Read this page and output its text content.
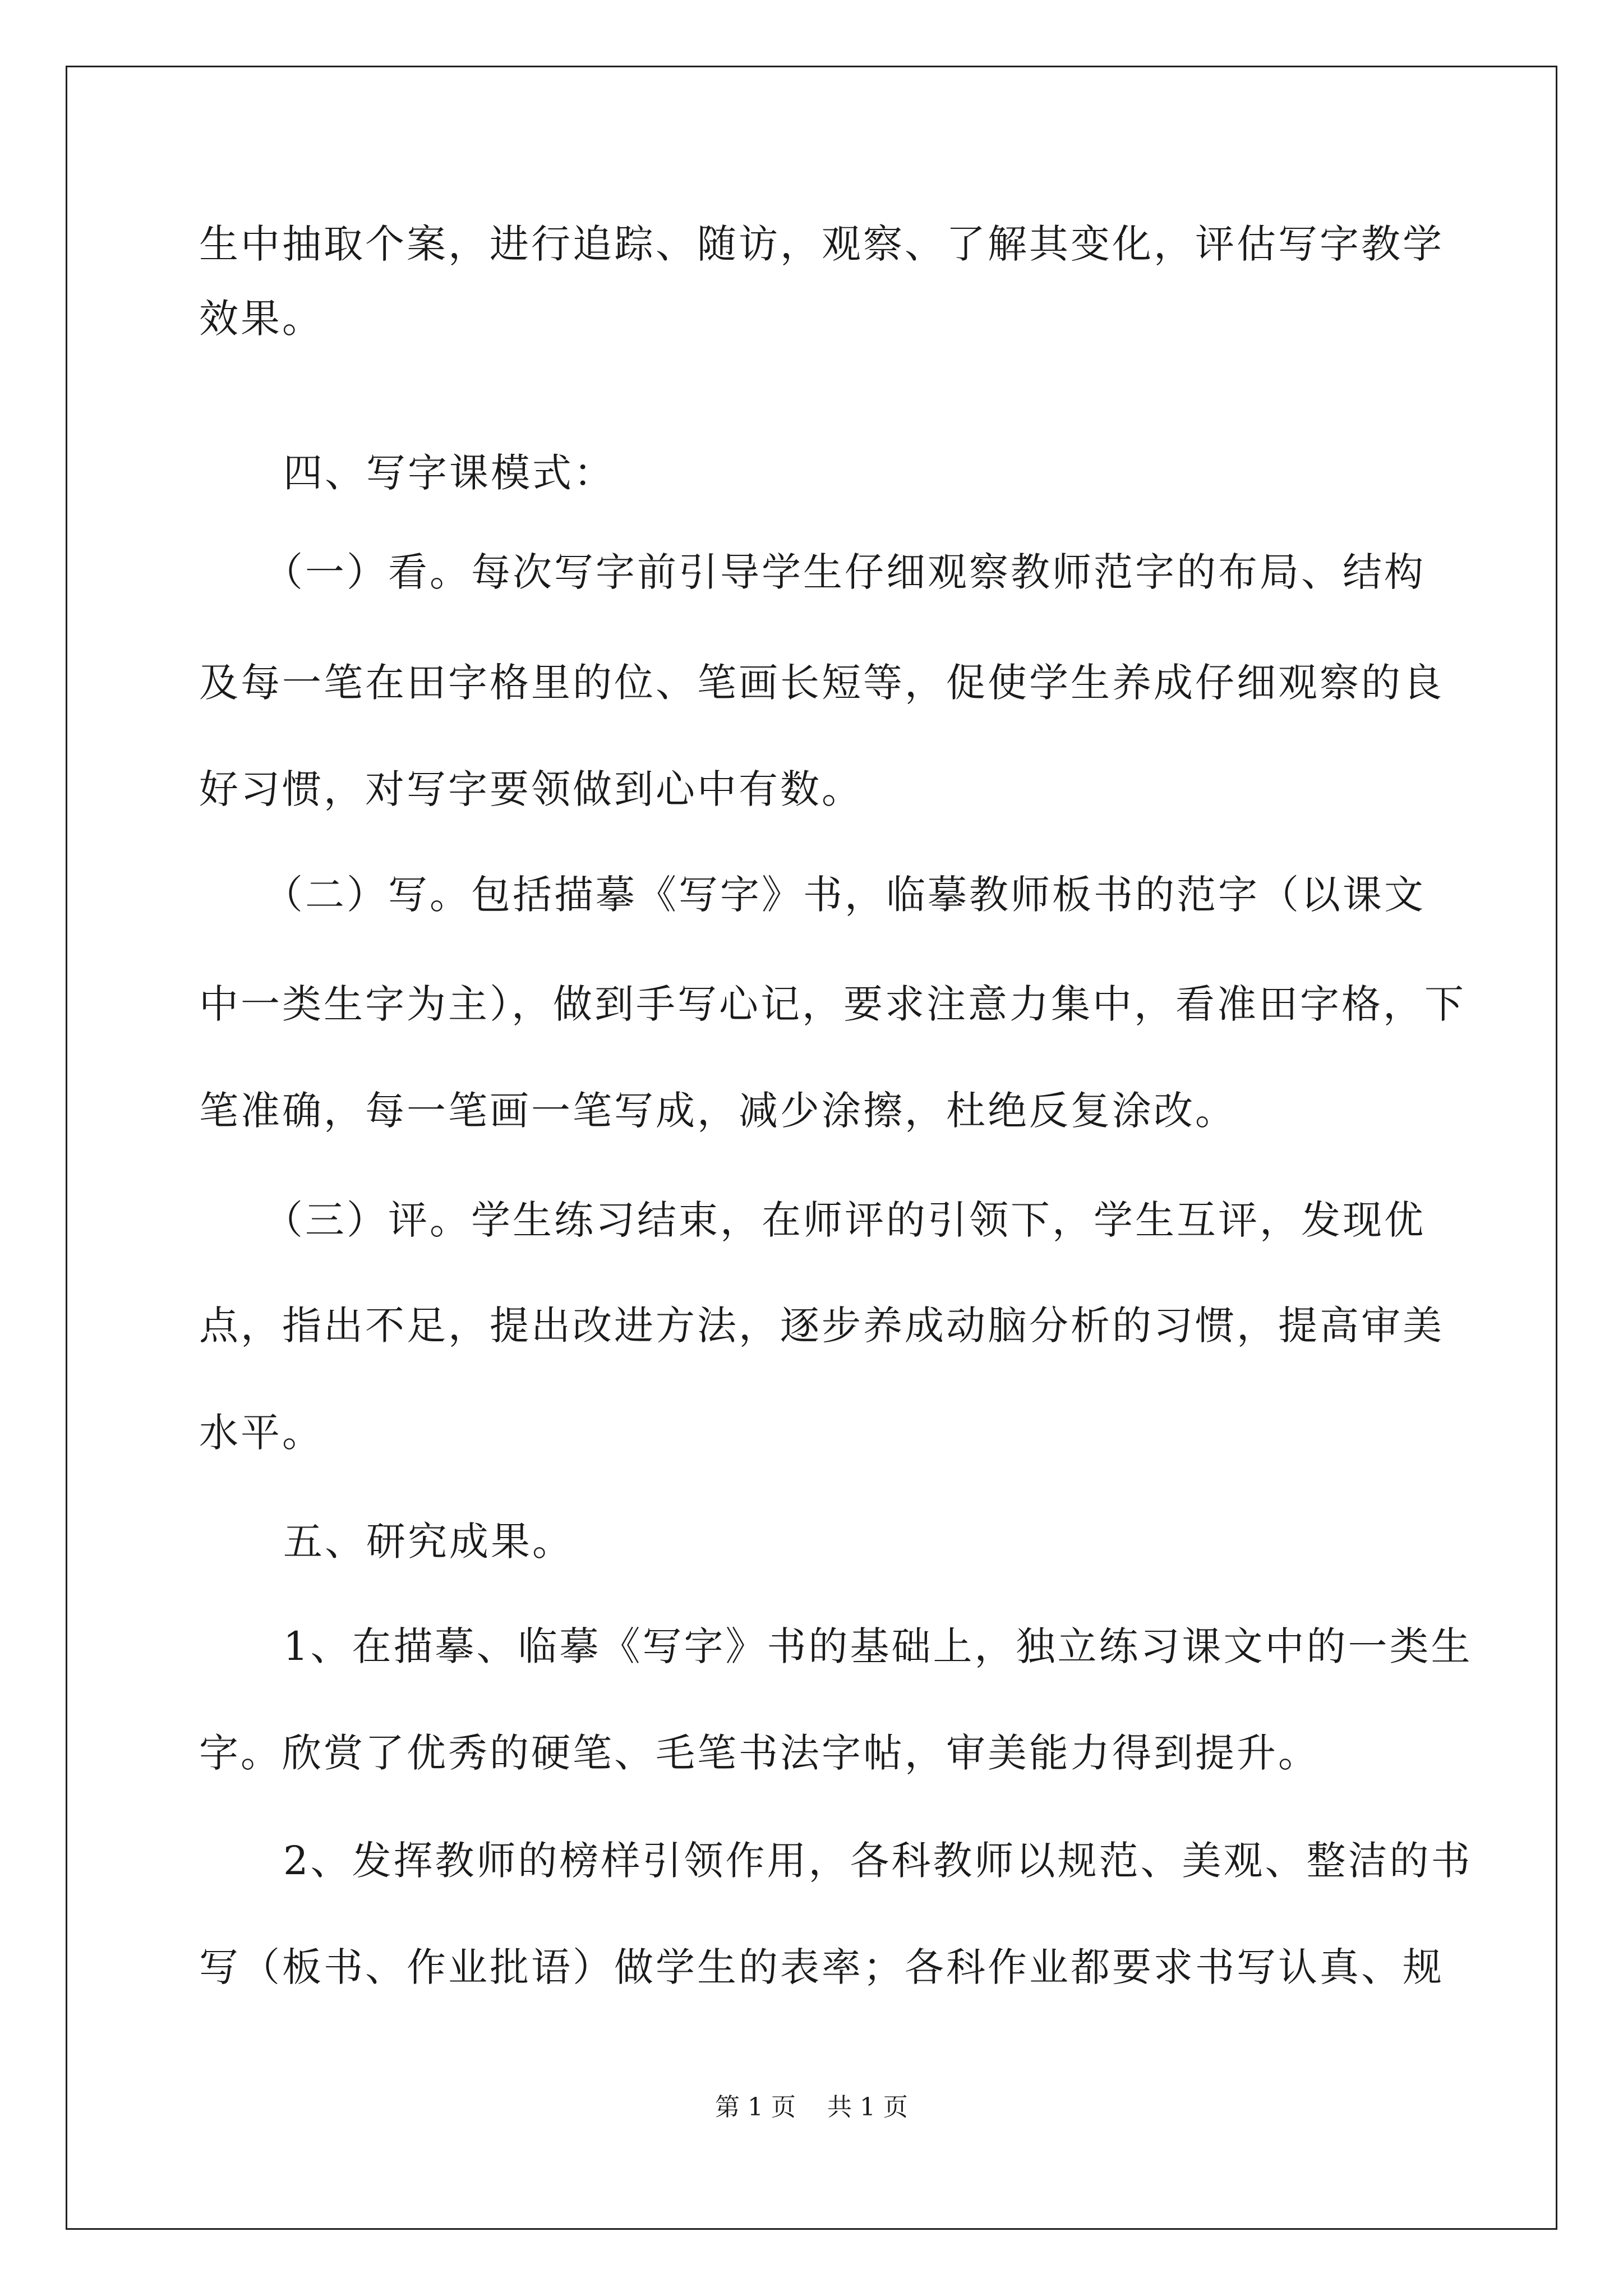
生中抽取个案，进行追踪、随访，观察、了解其变化，评估写字教学
效果。
四、写字课模式：
（一）看。每次写字前引导学生仔细观察教师范字的布局、结构
及每一笔在田字格里的位、笔画长短等，促使学生养成仔细观察的良
好习惯，对写字要领做到心中有数。
（二）写。包括描摹《写字》书，临摹教师板书的范字（以课文
中一类生字为主），做到手写心记，要求注意力集中，看准田字格，下
笔准确，每一笔画一笔写成，减少涂擦，杜绝反复涂改。
（三）评。学生练习结束，在师评的引领下，学生互评，发现优
点，指出不足，提出改进方法，逐步养成动脑分析的习惯，提高审美
水平。
五、研究成果。
1、在描摹、临摹《写字》书的基础上，独立练习课文中的一类生
字。欣赏了优秀的硬笔、毛笔书法字帖，审美能力得到提升。
2、发挥教师的榜样引领作用，各科教师以规范、美观、整洁的书
写（板书、作业批语）做学生的表率；各科作业都要求书写认真、规
第 1 页    共 1 页
